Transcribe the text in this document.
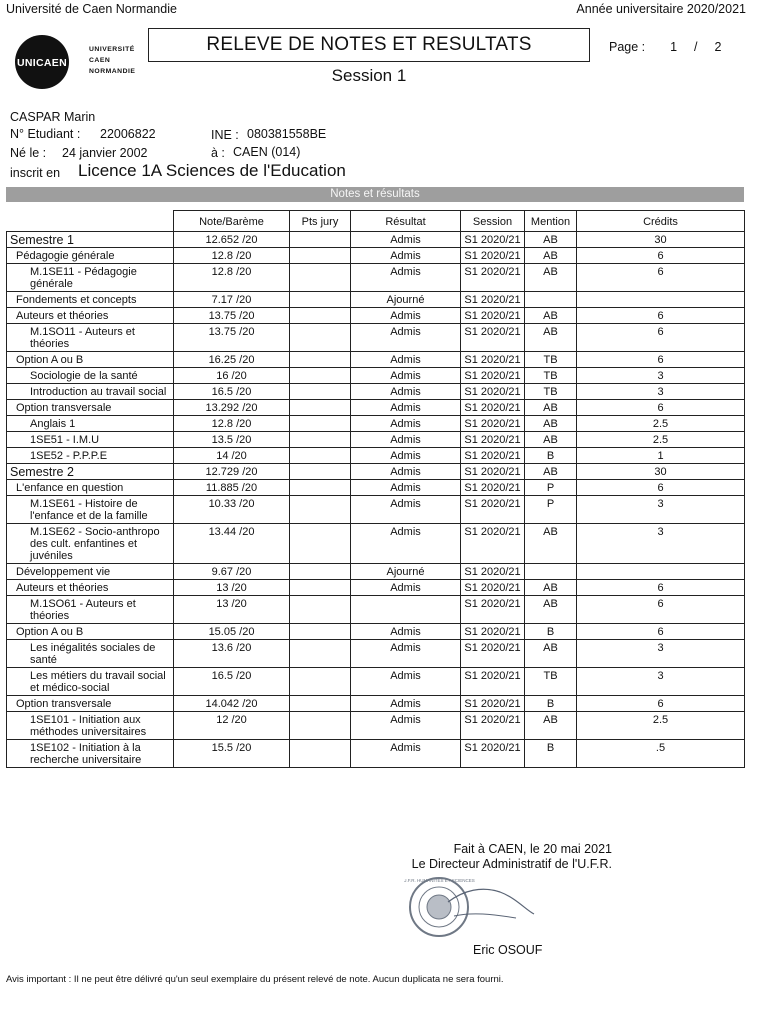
Université de Caen Normandie	Année universitaire 2020/2021
UNICAEN
UNIVERSITÉ
CAEN
NORMANDIE
RELEVE DE NOTES ET RESULTATS
Session 1
Page : 1 / 2
CASPAR Marin
N° Etudiant : 22006822	INE : 080381558BE
Né le : 24 janvier 2002	à : CAEN (014)
inscrit en Licence 1A Sciences de l'Education
Notes et résultats
	Note/Barème	Pts jury	Résultat	Session	Mention	Crédits

Semestre 1	12.652 /20		Admis	S1 2020/21	AB	30

Pédagogie générale	12.8 /20		Admis	S1 2020/21	AB	6

M.1SE11 - Pédagogie générale	12.8 /20		Admis	S1 2020/21	AB	6

Fondements et concepts	7.17 /20		Ajourné	S1 2020/21		

Auteurs et théories	13.75 /20		Admis	S1 2020/21	AB	6

M.1SO11 - Auteurs et théories	13.75 /20		Admis	S1 2020/21	AB	6

Option A ou B	16.25 /20		Admis	S1 2020/21	TB	6

Sociologie de la santé	16 /20		Admis	S1 2020/21	TB	3

Introduction au travail social	16.5 /20		Admis	S1 2020/21	TB	3

Option transversale	13.292 /20		Admis	S1 2020/21	AB	6

Anglais 1	12.8 /20		Admis	S1 2020/21	AB	2.5

1SE51 - I.M.U	13.5 /20		Admis	S1 2020/21	AB	2.5

1SE52 - P.P.P.E	14 /20		Admis	S1 2020/21	B	1

Semestre 2	12.729 /20		Admis	S1 2020/21	AB	30

L'enfance en question	11.885 /20		Admis	S1 2020/21	P	6

M.1SE61 - Histoire de l'enfance et de la famille	10.33 /20		Admis	S1 2020/21	P	3

M.1SE62 - Socio-anthropo des cult. enfantines et juvéniles	13.44 /20		Admis	S1 2020/21	AB	3

Développement vie	9.67 /20		Ajourné	S1 2020/21		

Auteurs et théories	13 /20		Admis	S1 2020/21	AB	6

M.1SO61 - Auteurs et théories	13 /20			S1 2020/21	AB	6

Option A ou B	15.05 /20		Admis	S1 2020/21	B	6

Les inégalités sociales de santé	13.6 /20		Admis	S1 2020/21	AB	3

Les métiers du travail social et médico-social	16.5 /20		Admis	S1 2020/21	TB	3

Option transversale	14.042 /20		Admis	S1 2020/21	B	6

1SE101 - Initiation aux méthodes universitaires	12 /20		Admis	S1 2020/21	AB	2.5

1SE102 - Initiation à la recherche universitaire	15.5 /20		Admis	S1 2020/21	B	.5
Fait à CAEN, le 20 mai 2021
Le Directeur Administratif de l'U.F.R.
U.F.R. HUMANITÉS ET SCIENCES
Eric OSOUF
Avis important : Il ne peut être délivré qu'un seul exemplaire du présent relevé de note. Aucun duplicata ne sera fourni.
